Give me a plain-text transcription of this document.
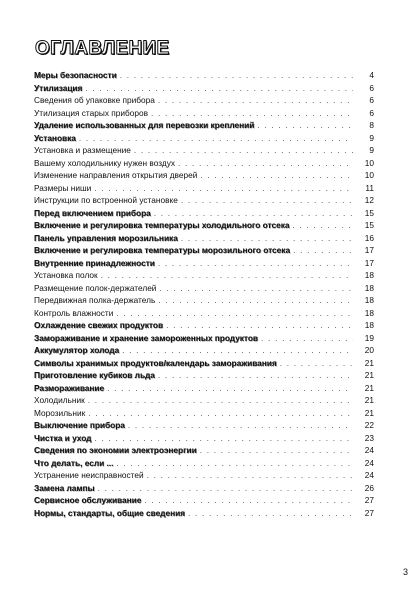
ОГЛАВЛЕНИЕ
Меры безопасности . . .	4
Утилизация . . .	6
Сведения об упаковке прибора . . .	6
Утилизация старых приборов . . .	6
Удаление использованных для перевозки креплений . . .	8
Установка . . .	9
Установка и размещение . . .	9
Вашему холодильнику нужен воздух . . .	10
Изменение направления открытия дверей . . .	10
Размеры ниши . . .	11
Инструкции по встроенной установке . . .	12
Перед включением прибора . . .	15
Включение и регулировка температуры холодильного отсека . . .	15
Панель управления морозильника . . .	16
Включение и регулировка температуры морозильного отсека . . .	17
Внутренние принадлежности . . .	17
Установка полок . . .	18
Размещение полок-держателей . . .	18
Передвижная полка-держатель . . .	18
Контроль влажности . . .	18
Охлаждение свежих продуктов . . .	18
Замораживание и хранение замороженных продуктов . . .	19
Аккумулятор холода . . .	20
Символы хранимых продуктов/календарь замораживания . . .	21
Приготовление кубиков льда . . .	21
Размораживание . . .	21
Холодильник . . .	21
Морозильник . . .	21
Выключение прибора . . .	22
Чистка и уход . . .	23
Сведения по экономии электроэнергии . . .	24
Что делать, если ... . . .	24
Устранение неисправностей . . .	24
Замена лампы . . .	26
Сервисное обслуживание . . .	27
Нормы, стандарты, общие сведения . . .	27
3
